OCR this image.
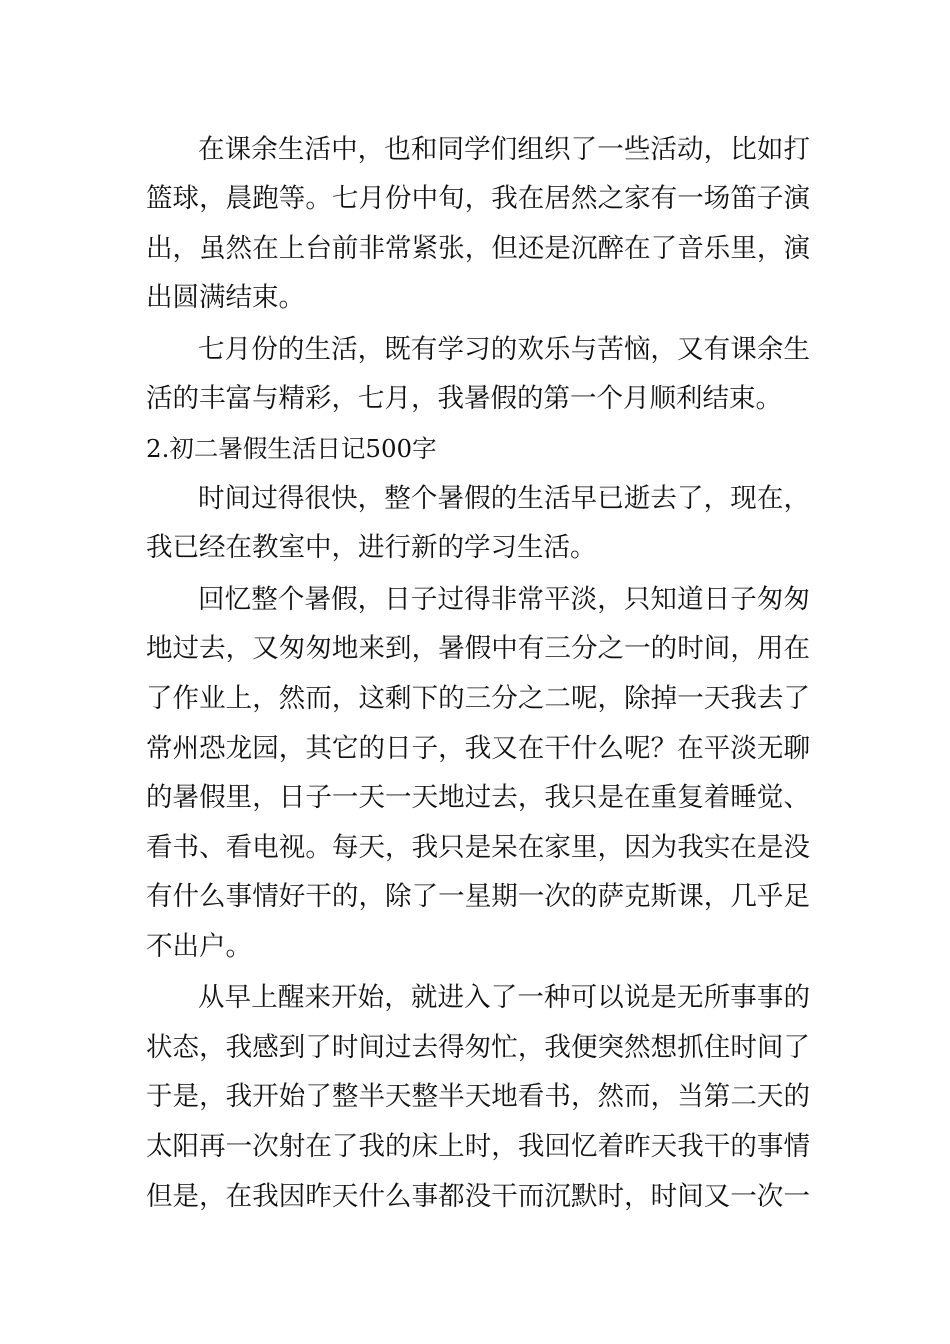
在课余生活中，也和同学们组织了一些活动，比如打
篮球，晨跑等。七月份中旬，我在居然之家有一场笛子演
出，虽然在上台前非常紧张，但还是沉醉在了音乐里，演
出圆满结束。
七月份的生活，既有学习的欢乐与苦恼，又有课余生
活的丰富与精彩，七月，我暑假的第一个月顺利结束。
2.初二暑假生活日记500字
时间过得很快，整个暑假的生活早已逝去了，现在，
我已经在教室中，进行新的学习生活。
回忆整个暑假，日子过得非常平淡，只知道日子匆匆
地过去，又匆匆地来到，暑假中有三分之一的时间，用在
了作业上，然而，这剩下的三分之二呢，除掉一天我去了
常州恐龙园，其它的日子，我又在干什么呢？在平淡无聊
的暑假里，日子一天一天地过去，我只是在重复着睡觉、
看书、看电视。每天，我只是呆在家里，因为我实在是没
有什么事情好干的，除了一星期一次的萨克斯课，几乎足
不出户。
从早上醒来开始，就进入了一种可以说是无所事事的
状态，我感到了时间过去得匆忙，我便突然想抓住时间了
于是，我开始了整半天整半天地看书，然而，当第二天的
太阳再一次射在了我的床上时，我回忆着昨天我干的事情
但是，在我因昨天什么事都没干而沉默时，时间又一次一
